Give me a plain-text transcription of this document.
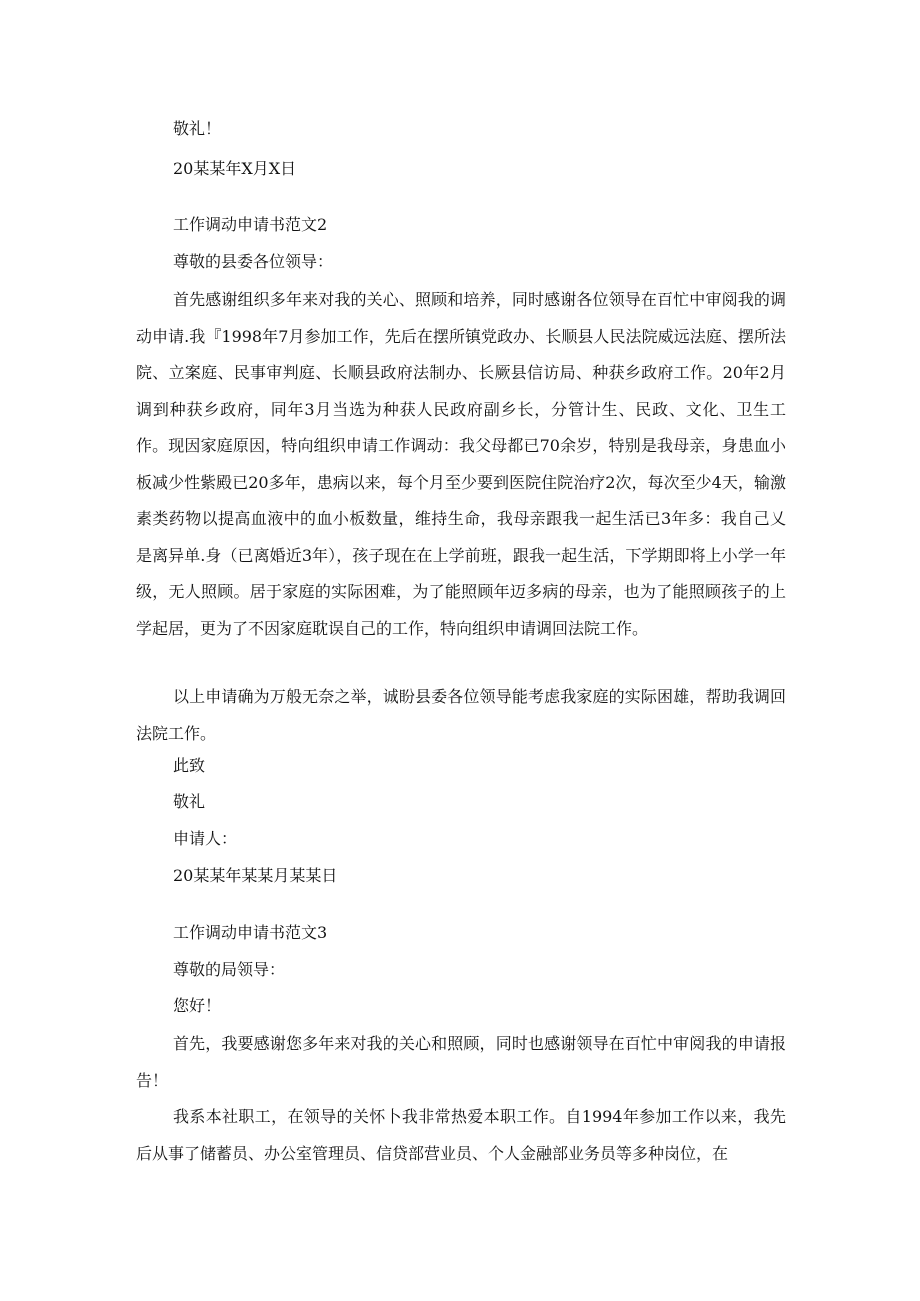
敬礼！
20某某年X月X日
工作调动申请书范文2
尊敬的县委各位领导：

首先感谢组织多年来对我的关心、照顾和培养，同时感谢各位领导在百忙中审阅我的调动申请.我『1998年7月参加工作，先后在摆所镇党政办、长顺县人民法院威远法庭、摆所法院、立案庭、民事审判庭、长顺县政府法制办、长厥县信访局、种获乡政府工作。20年2月调到种获乡政府，同年3月当选为种获人民政府副乡长，分管计生、民政、文化、卫生工作。现因家庭原因，特向组织申请工作调动：我父母都已70余岁，特别是我母亲，身患血小板减少性紫殿已20多年，患病以来，每个月至少要到医院住院治疗2次，每次至少4天，输激素类药物以提高血液中的血小板数量，维持生命，我母亲跟我一起生活已3年多：我自己乂是离异单.身（已离婚近3年），孩子现在在上学前班，跟我一起生活，下学期即将上小学一年级，无人照顾。居于家庭的实际困难，为了能照顾年迈多病的母亲，也为了能照顾孩子的上学起居，更为了不因家庭耽误自己的工作，特向组织申请调回法院工作。

以上申请确为万般无奈之举，诚盼县委各位领导能考虑我家庭的实际困雄，帮助我调回法院工作。

此致
敬礼
申请人：
20某某年某某月某某日
工作调动申请书范文3
尊敬的局领导：
您好！

首先，我要感谢您多年来对我的关心和照顾，同时也感谢领导在百忙中审阅我的申请报告！

我系本社职工，在领导的关怀卜我非常热爱本职工作。自1994年参加工作以来，我先后从事了储蓄员、办公室管理员、信贷部营业员、个人金融部业务员等多种岗位，在
